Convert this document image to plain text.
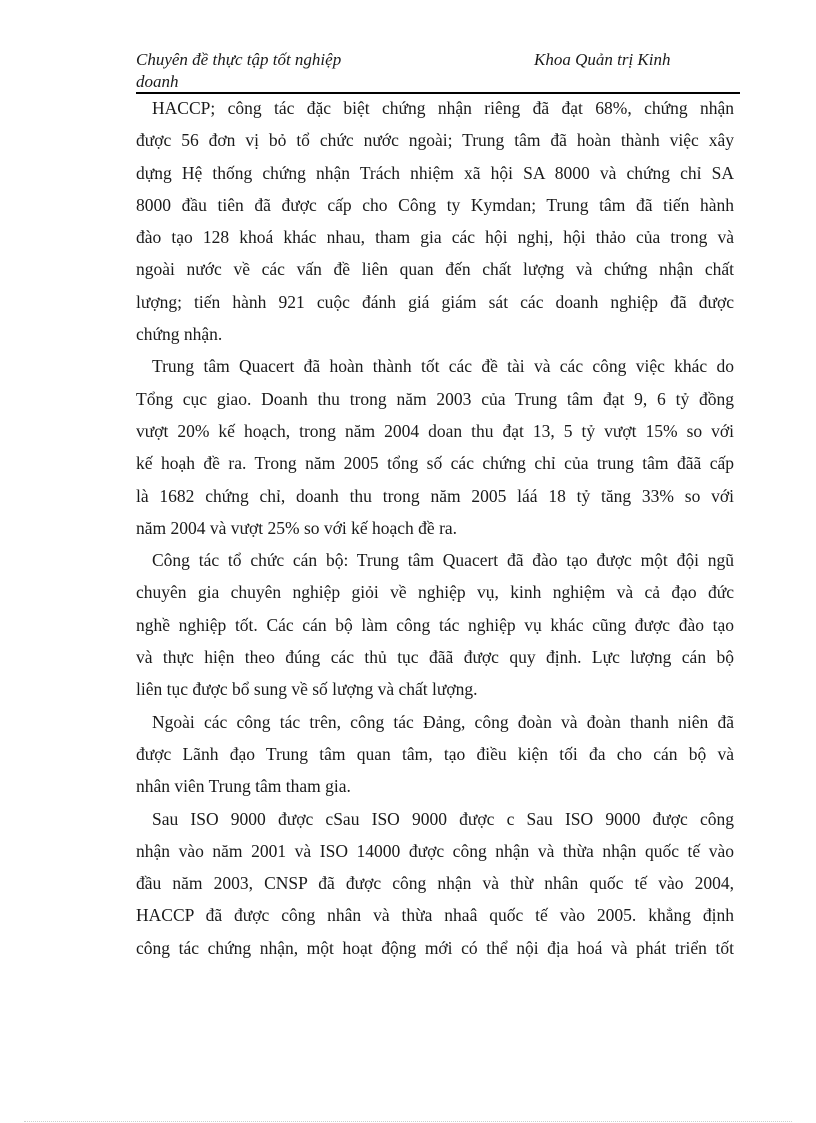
Chuyên đề thực tập tốt nghiệp
doanh
Khoa Quản trị Kinh

HACCP; công tác đặc biệt chứng nhận riêng đã đạt 68%, chứng nhận
được 56 đơn vị bỏ tổ chức nước ngoài; Trung tâm đã hoàn thành việc xây
dựng Hệ thống chứng nhận Trách nhiệm xã hội SA 8000 và chứng chỉ SA
8000 đầu tiên đã được cấp cho Công ty Kymdan; Trung tâm đã tiến hành
đào tạo 128 khoá khác nhau, tham gia các hội nghị, hội thảo của trong và
ngoài nước về các vấn đề liên quan đến chất lượng và chứng nhận chất
lượng; tiến hành 921 cuộc đánh giá giám sát các doanh nghiệp đã được
chứng nhận.

Trung tâm Quacert đã hoàn thành tốt các đề tài và các công việc khác do
Tổng cục giao. Doanh thu trong năm 2003 của Trung tâm đạt 9, 6 tỷ đồng
vượt 20% kế hoạch, trong năm 2004 doan thu đạt 13, 5 tỷ vượt 15% so với
kế hoạh đề ra. Trong năm 2005 tổng số các chứng chỉ của trung tâm đãã cấp
là 1682 chứng chỉ, doanh thu trong năm 2005 láá 18 tỷ tăng 33% so với
năm 2004 và vượt 25% so với kế hoạch đề ra.

Công tác tổ chức cán bộ: Trung tâm Quacert đã đào tạo được một đội ngũ
chuyên gia chuyên nghiệp giỏi về nghiệp vụ, kinh nghiệm và cả đạo đức
nghề nghiệp tốt. Các cán bộ làm công tác nghiệp vụ khác cũng được đào tạo
và thực hiện theo đúng các thủ tục đãã được quy định. Lực lượng cán bộ
liên tục được bổ sung về số lượng và chất lượng.

Ngoài các công tác trên, công tác Đảng, công đoàn và đoàn thanh niên đã
được Lãnh đạo Trung tâm quan tâm, tạo điều kiện tối đa cho cán bộ và
nhân viên Trung tâm tham gia.

Sau ISO 9000 được cSau ISO 9000 được c Sau ISO 9000 được công
nhận vào năm 2001 và ISO 14000 được công nhận và thừa nhận quốc tế vào
đầu năm 2003, CNSP đã được công nhận và thừ nhân quốc tế vào 2004,
HACCP đã được công nhân và thừa nhaâ quốc tế vào 2005. khẳng định
công tác chứng nhận, một hoạt động mới có thể nội địa hoá và phát triển tốt
